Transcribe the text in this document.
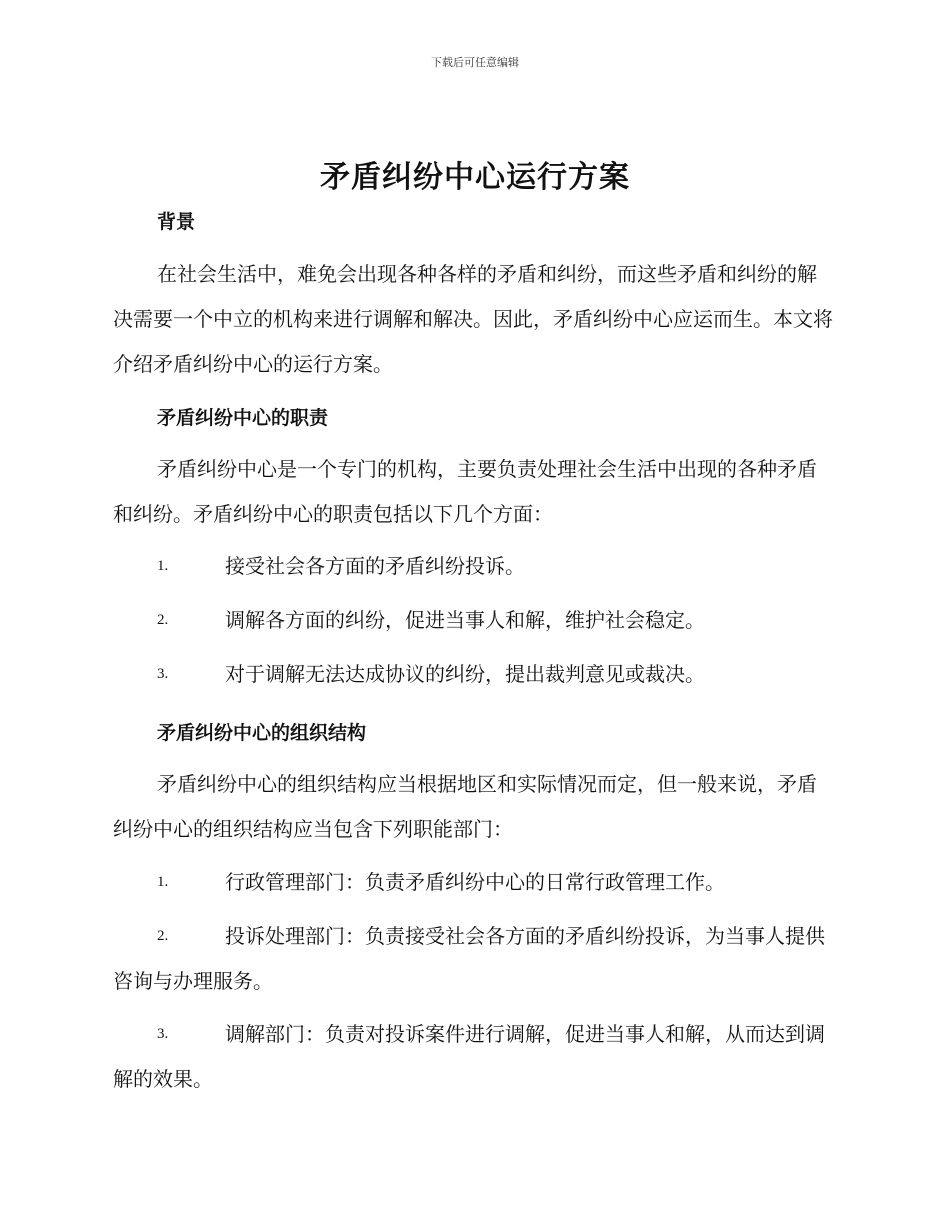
下载后可任意编辑
矛盾纠纷中心运行方案
背景
在社会生活中，难免会出现各种各样的矛盾和纠纷，而这些矛盾和纠纷的解决需要一个中立的机构来进行调解和解决。因此，矛盾纠纷中心应运而生。本文将介绍矛盾纠纷中心的运行方案。
矛盾纠纷中心的职责
矛盾纠纷中心是一个专门的机构，主要负责处理社会生活中出现的各种矛盾和纠纷。矛盾纠纷中心的职责包括以下几个方面：
1.	接受社会各方面的矛盾纠纷投诉。
2.	调解各方面的纠纷，促进当事人和解，维护社会稳定。
3.	对于调解无法达成协议的纠纷，提出裁判意见或裁决。
矛盾纠纷中心的组织结构
矛盾纠纷中心的组织结构应当根据地区和实际情况而定，但一般来说，矛盾纠纷中心的组织结构应当包含下列职能部门：
1.	行政管理部门：负责矛盾纠纷中心的日常行政管理工作。
2.	投诉处理部门：负责接受社会各方面的矛盾纠纷投诉，为当事人提供咨询与办理服务。
3.	调解部门：负责对投诉案件进行调解，促进当事人和解，从而达到调解的效果。
